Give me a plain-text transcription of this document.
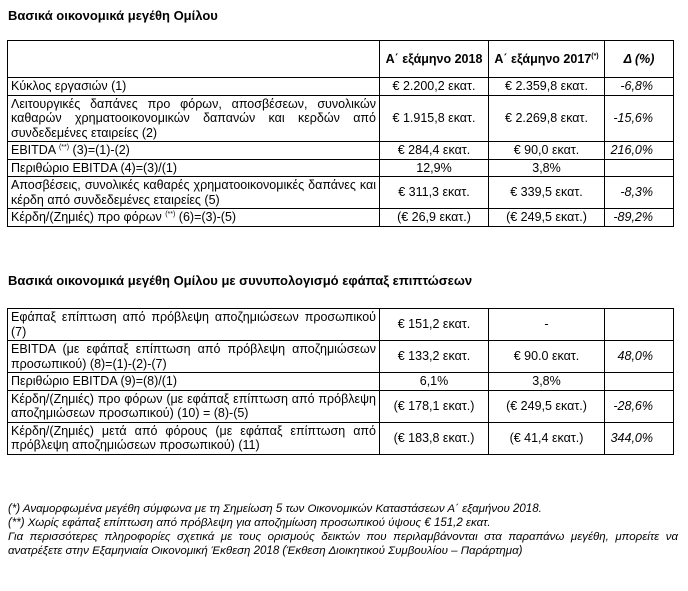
Βασικά οικονομικά μεγέθη Ομίλου
	Α΄ εξάμηνο 2018	Α΄ εξάμηνο 2017(*)	Δ (%)
Κύκλος εργασιών (1)	€ 2.200,2 εκατ.	€ 2.359,8 εκατ.	-6,8%
Λειτουργικές δαπάνες προ φόρων, αποσβέσεων, συνολικών καθαρών χρηματοοικονομικών δαπανών και κερδών από συνδεδεμένες εταιρείες (2)	€ 1.915,8 εκατ.	€ 2.269,8 εκατ.	-15,6%
EBITDA (**) (3)=(1)-(2)	€ 284,4 εκατ.	€ 90,0 εκατ.	216,0%
Περιθώριο EBITDA (4)=(3)/(1)	12,9%	3,8%	
Αποσβέσεις, συνολικές καθαρές χρηματοοικονομικές δαπάνες και κέρδη από συνδεδεμένες εταιρείες (5)	€ 311,3 εκατ.	€ 339,5 εκατ.	-8,3%
Κέρδη/(Ζημιές) προ φόρων (**) (6)=(3)-(5)	(€ 26,9 εκατ.)	(€ 249,5 εκατ.)	-89,2%
Βασικά οικονομικά μεγέθη Ομίλου με συνυπολογισμό εφάπαξ επιπτώσεων
Εφάπαξ επίπτωση από πρόβλεψη αποζημιώσεων προσωπικού (7)	€ 151,2 εκατ.	-	
EBITDA (με εφάπαξ επίπτωση από πρόβλεψη αποζημιώσεων προσωπικού) (8)=(1)-(2)-(7)	€ 133,2 εκατ.	€ 90.0 εκατ.	48,0%
Περιθώριο EBITDA (9)=(8)/(1)	6,1%	3,8%	
Κέρδη/(Ζημιές) προ φόρων (με εφάπαξ επίπτωση από πρόβλεψη αποζημιώσεων προσωπικού) (10) = (8)-(5)	(€ 178,1 εκατ.)	(€ 249,5 εκατ.)	-28,6%
Κέρδη/(Ζημιές) μετά από φόρους (με εφάπαξ επίπτωση από πρόβλεψη αποζημιώσεων προσωπικού) (11)	(€ 183,8 εκατ.)	(€ 41,4 εκατ.)	344,0%
(*) Αναμορφωμένα μεγέθη σύμφωνα με τη Σημείωση 5 των Οικονομικών Καταστάσεων Α΄ εξαμήνου 2018.
(**) Χωρίς εφάπαξ επίπτωση από πρόβλεψη για αποζημίωση προσωπικού ύψους € 151,2 εκατ.
Για περισσότερες πληροφορίες σχετικά με τους ορισμούς δεικτών που περιλαμβάνονται στα παραπάνω μεγέθη, μπορείτε να ανατρέξετε στην Εξαμηνιαία Οικονομική Έκθεση 2018 (Έκθεση Διοικητικού Συμβουλίου – Παράρτημα)
